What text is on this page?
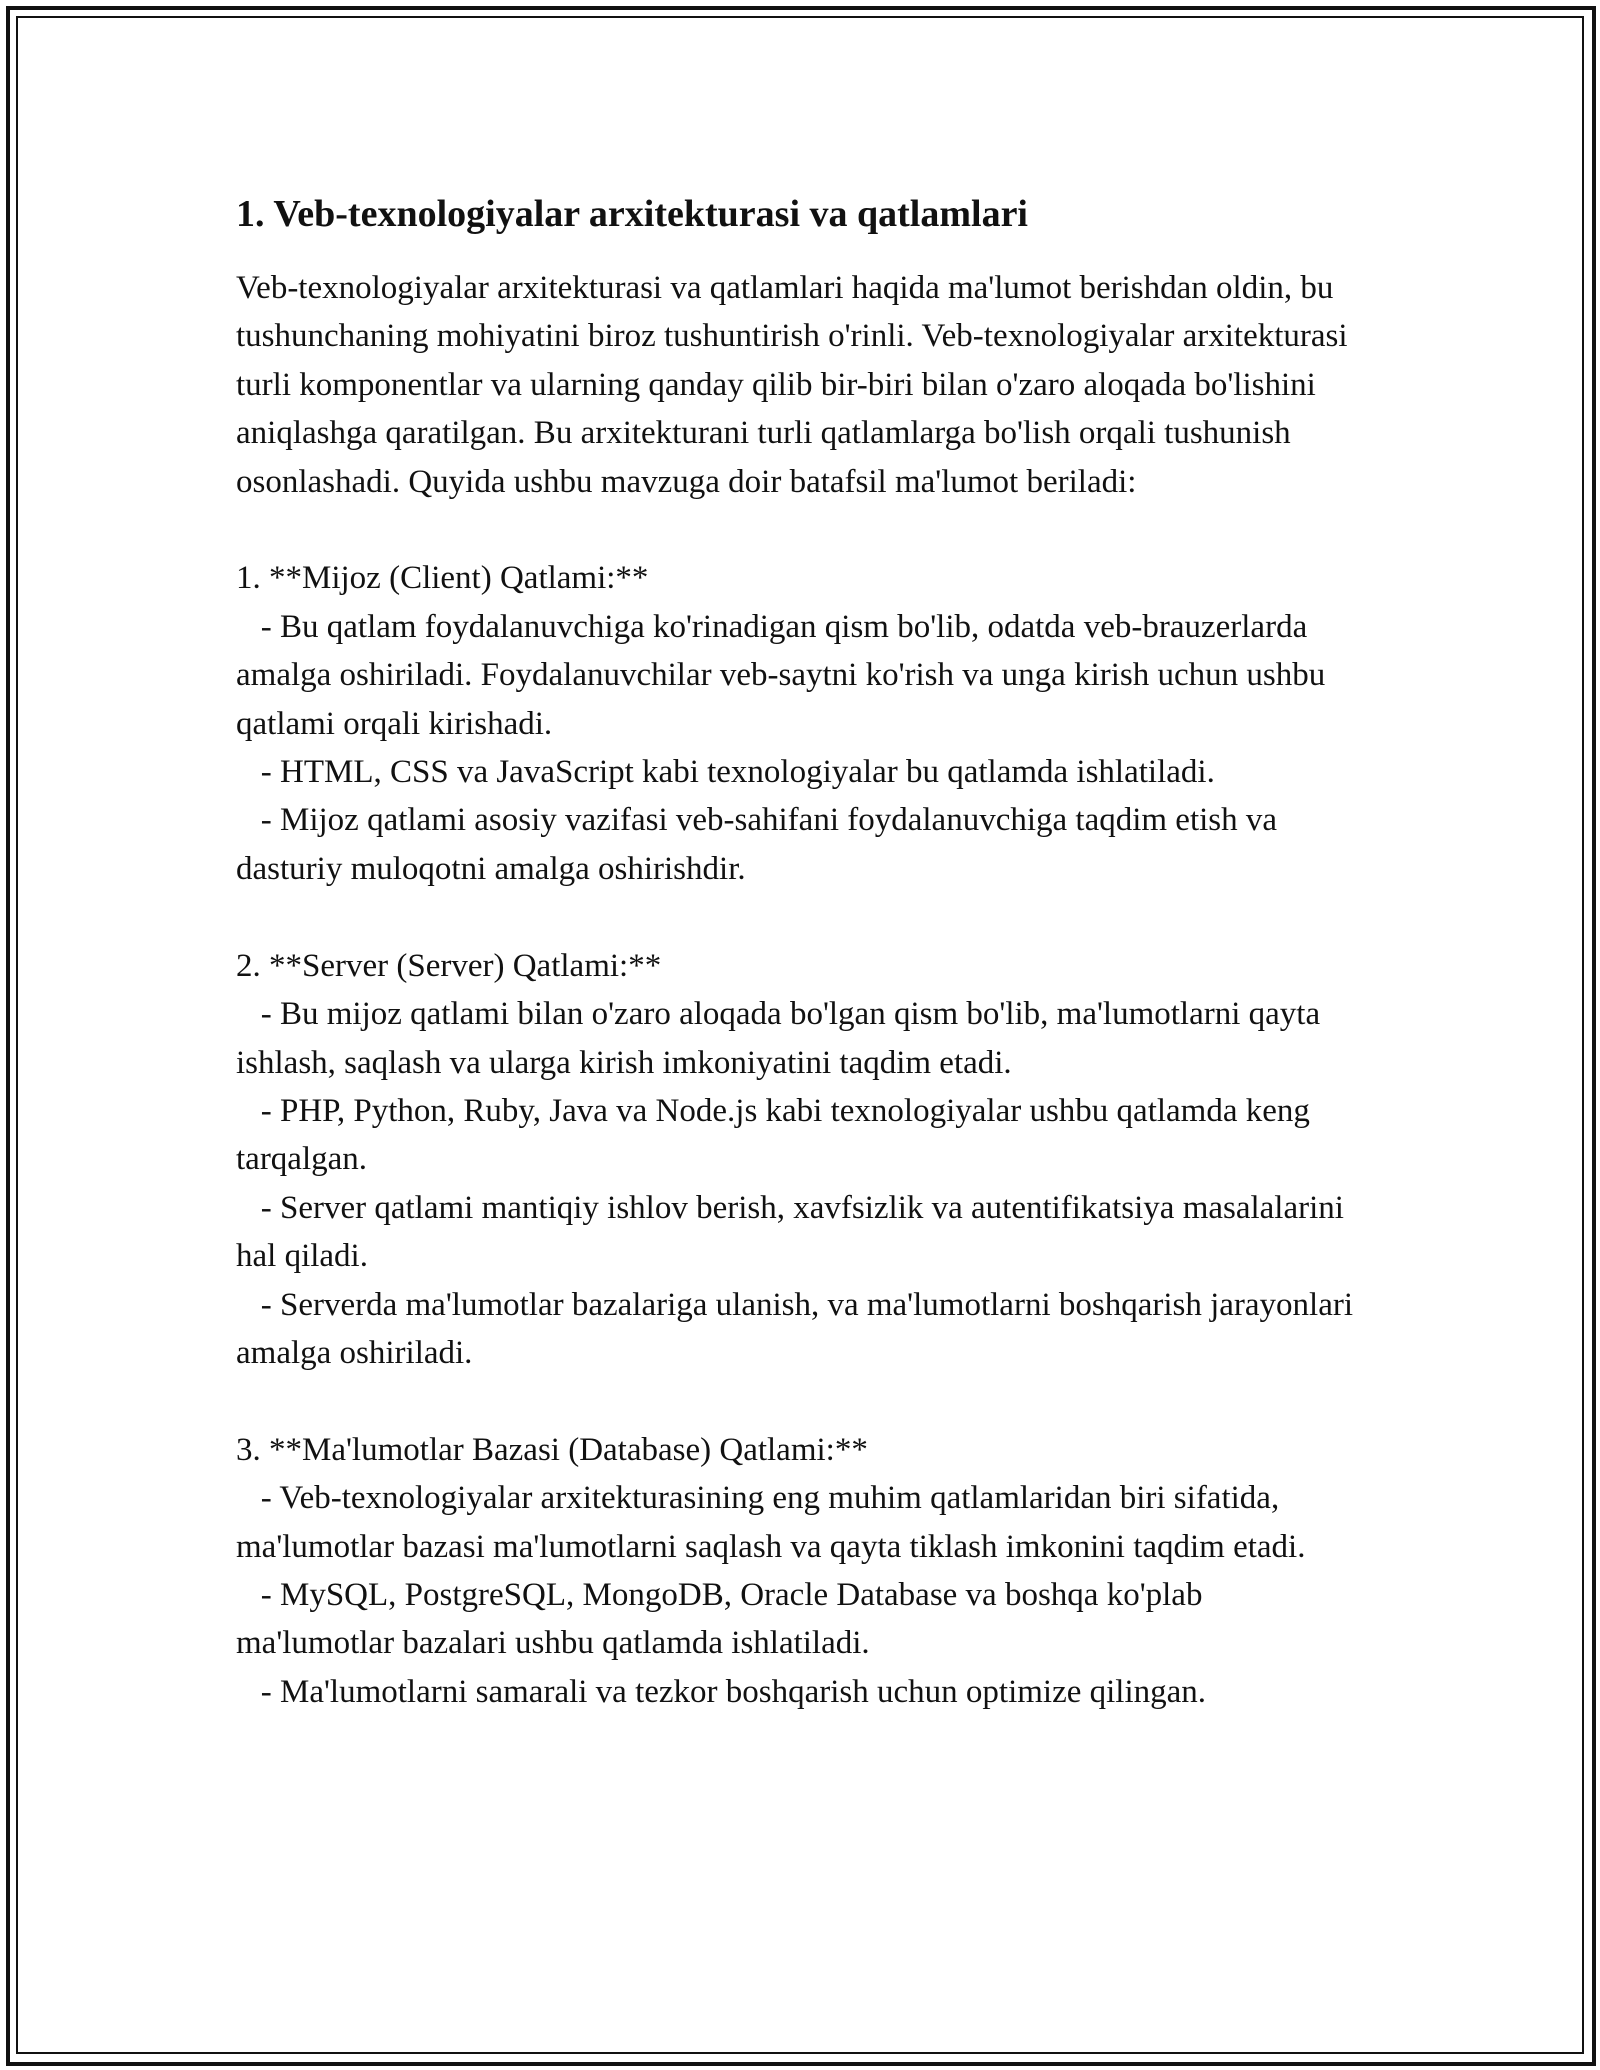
1. Veb-texnologiyalar arxitekturasi va qatlamlari

Veb-texnologiyalar arxitekturasi va qatlamlari haqida ma'lumot berishdan oldin, bu tushunchaning mohiyatini biroz tushuntirish o'rinli. Veb-texnologiyalar arxitekturasi turli komponentlar va ularning qanday qilib bir-biri bilan o'zaro aloqada bo'lishini aniqlashga qaratilgan. Bu arxitekturani turli qatlamlarga bo'lish orqali tushunish osonlashadi. Quyida ushbu mavzuga doir batafsil ma'lumot beriladi:

1. **Mijoz (Client) Qatlami:**

- Bu qatlam foydalanuvchiga ko'rinadigan qism bo'lib, odatda veb-brauzerlarda amalga oshiriladi. Foydalanuvchilar veb-saytni ko'rish va unga kirish uchun ushbu qatlami orqali kirishadi.

- HTML, CSS va JavaScript kabi texnologiyalar bu qatlamda ishlatiladi.

- Mijoz qatlami asosiy vazifasi veb-sahifani foydalanuvchiga taqdim etish va dasturiy muloqotni amalga oshirishdir.

2. **Server (Server) Qatlami:**

- Bu mijoz qatlami bilan o'zaro aloqada bo'lgan qism bo'lib, ma'lumotlarni qayta ishlash, saqlash va ularga kirish imkoniyatini taqdim etadi.

- PHP, Python, Ruby, Java va Node.js kabi texnologiyalar ushbu qatlamda keng tarqalgan.

- Server qatlami mantiqiy ishlov berish, xavfsizlik va autentifikatsiya masalalarini hal qiladi.

- Serverda ma'lumotlar bazalariga ulanish, va ma'lumotlarni boshqarish jarayonlari amalga oshiriladi.

3. **Ma'lumotlar Bazasi (Database) Qatlami:**

- Veb-texnologiyalar arxitekturasining eng muhim qatlamlaridan biri sifatida, ma'lumotlar bazasi ma'lumotlarni saqlash va qayta tiklash imkonini taqdim etadi.

- MySQL, PostgreSQL, MongoDB, Oracle Database va boshqa ko'plab ma'lumotlar bazalari ushbu qatlamda ishlatiladi.

- Ma'lumotlarni samarali va tezkor boshqarish uchun optimize qilingan.
